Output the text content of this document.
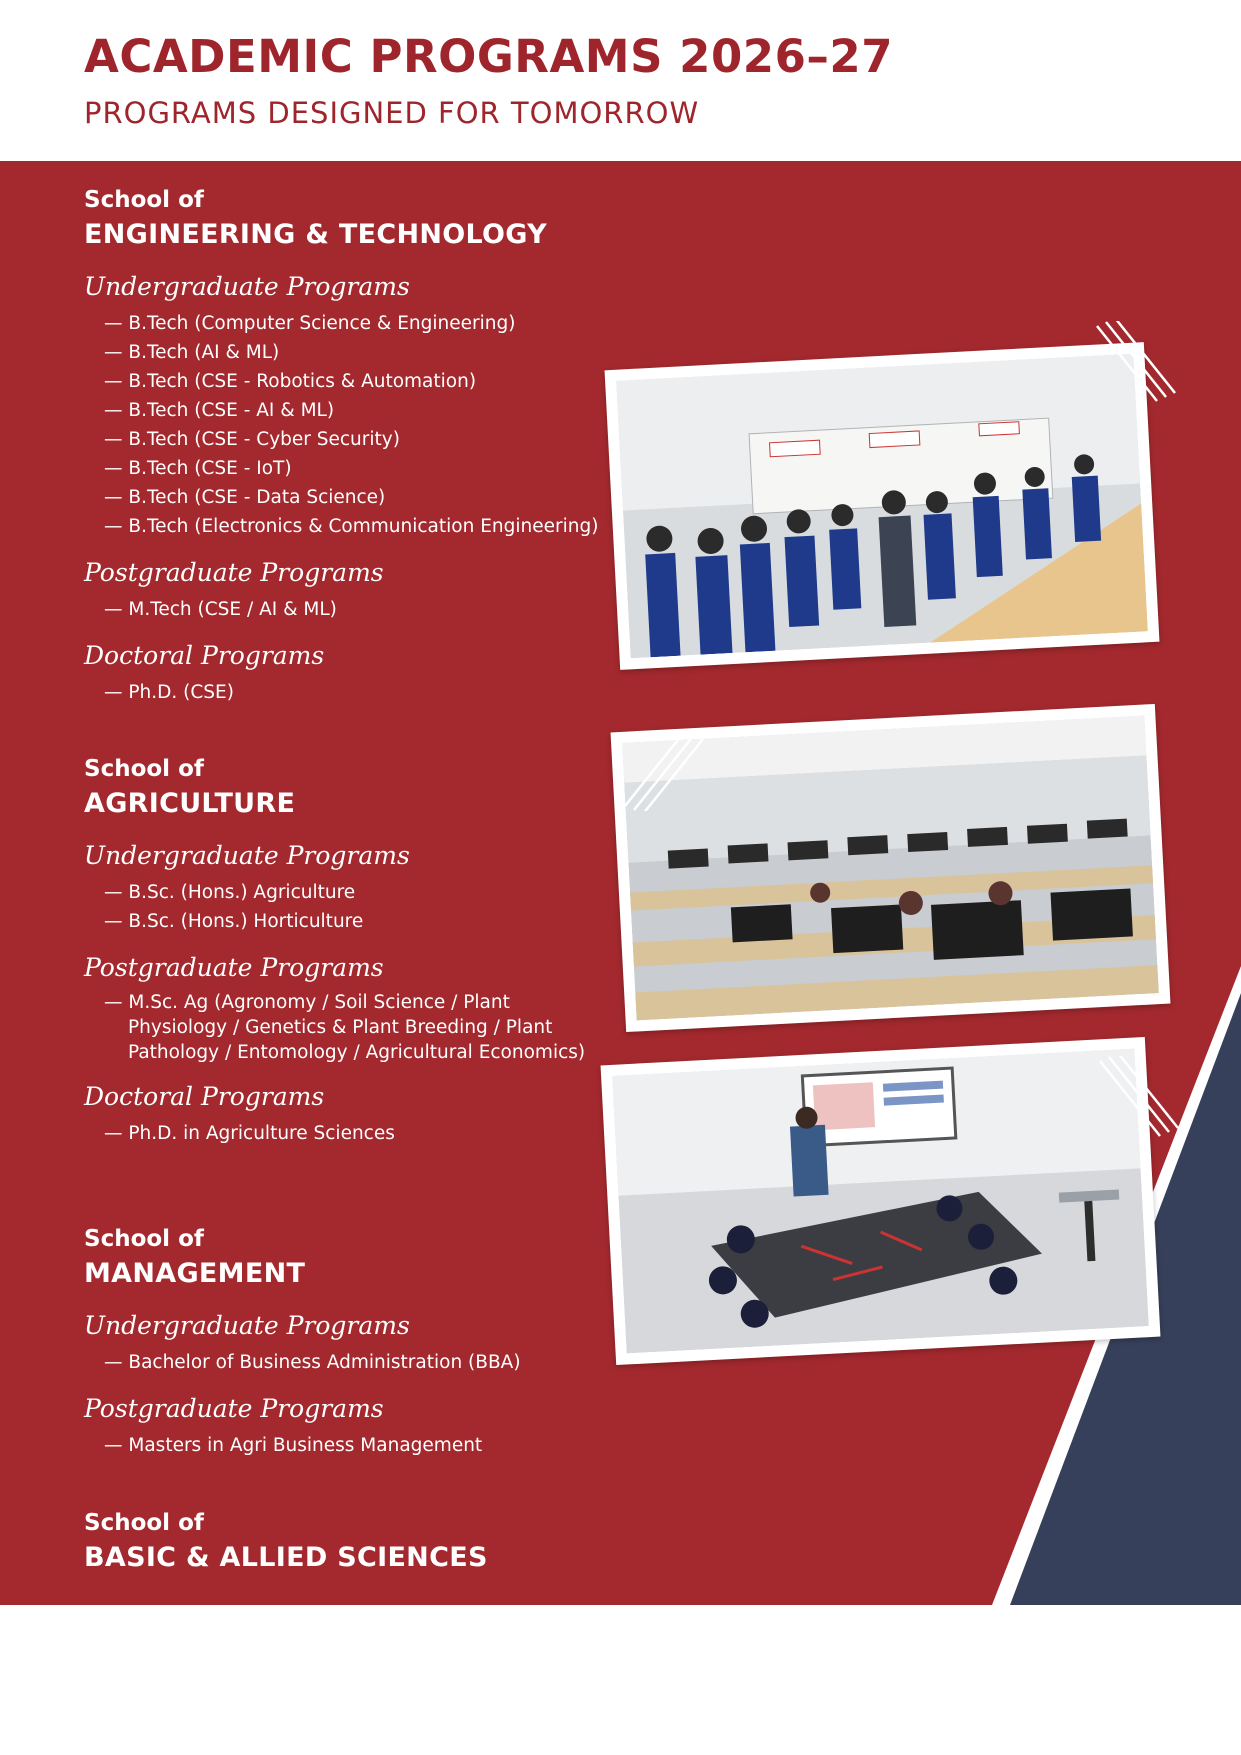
ACADEMIC PROGRAMS 2026–27
PROGRAMS DESIGNED FOR TOMORROW
School of
ENGINEERING & TECHNOLOGY
Undergraduate Programs
— B.Tech (Computer Science & Engineering)
— B.Tech (AI & ML)
— B.Tech (CSE - Robotics & Automation)
— B.Tech (CSE - AI & ML)
— B.Tech (CSE - Cyber Security)
— B.Tech (CSE - IoT)
— B.Tech (CSE - Data Science)
— B.Tech (Electronics & Communication Engineering)
Postgraduate Programs
— M.Tech (CSE / AI & ML)
Doctoral Programs
— Ph.D. (CSE)
School of
AGRICULTURE
Undergraduate Programs
— B.Sc. (Hons.) Agriculture
— B.Sc. (Hons.) Horticulture
Postgraduate Programs
— M.Sc. Ag (Agronomy / Soil Science / Plant Physiology / Genetics & Plant Breeding / Plant Pathology / Entomology / Agricultural Economics)
Doctoral Programs
— Ph.D. in Agriculture Sciences
School of
MANAGEMENT
Undergraduate Programs
— Bachelor of Business Administration (BBA)
Postgraduate Programs
— Masters in Agri Business Management
School of
BASIC & ALLIED SCIENCES
